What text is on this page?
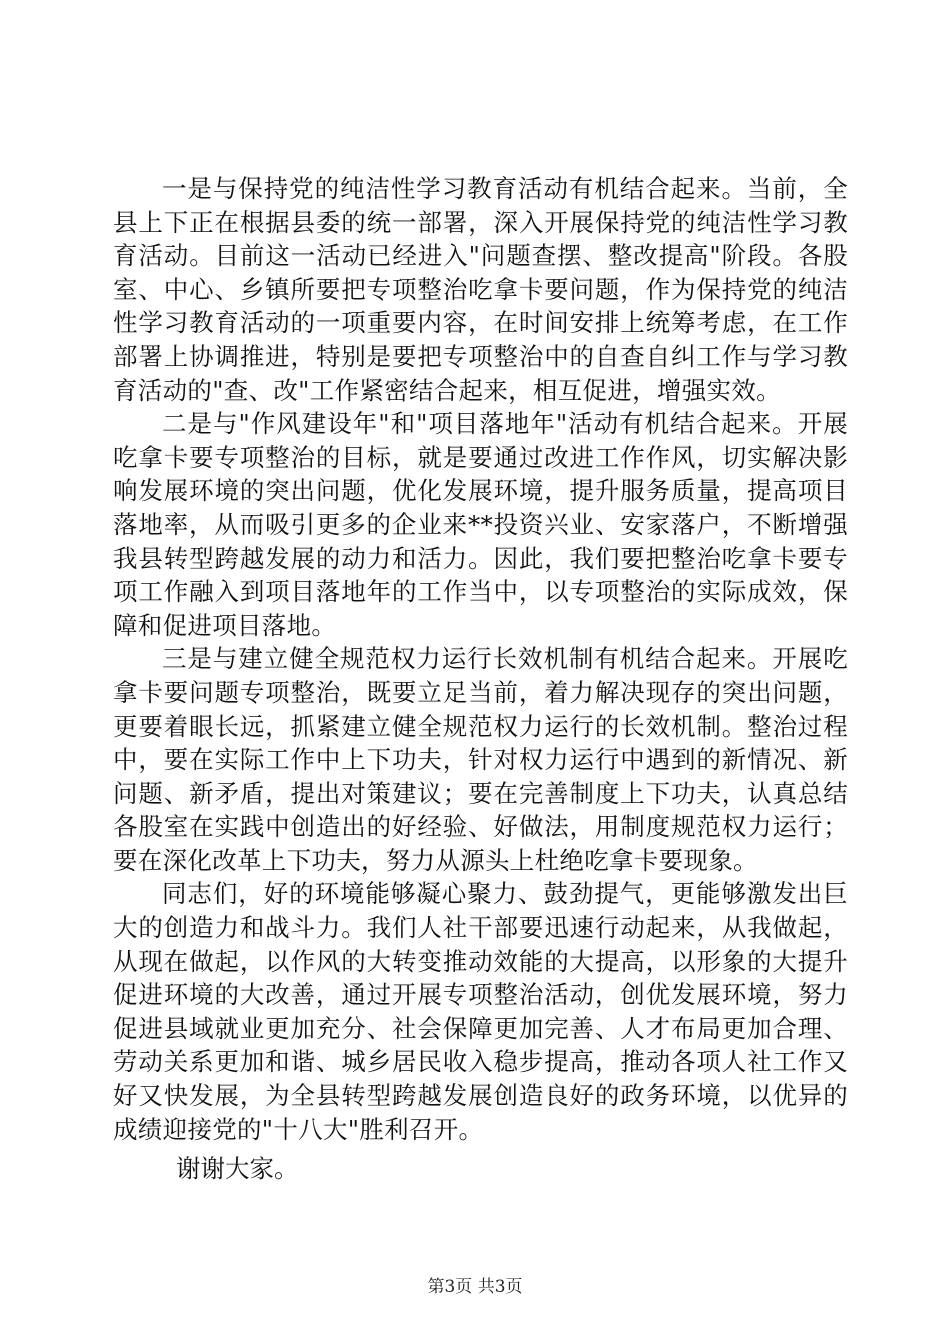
一是与保持党的纯洁性学习教育活动有机结合起来。当前，全县上下正在根据县委的统一部署，深入开展保持党的纯洁性学习教育活动。目前这一活动已经进入"问题查摆、整改提高"阶段。各股室、中心、乡镇所要把专项整治吃拿卡要问题，作为保持党的纯洁性学习教育活动的一项重要内容，在时间安排上统筹考虑，在工作部署上协调推进，特别是要把专项整治中的自查自纠工作与学习教育活动的"查、改"工作紧密结合起来，相互促进，增强实效。

二是与"作风建设年"和"项目落地年"活动有机结合起来。开展吃拿卡要专项整治的目标，就是要通过改进工作作风，切实解决影响发展环境的突出问题，优化发展环境，提升服务质量，提高项目落地率，从而吸引更多的企业来**投资兴业、安家落户，不断增强我县转型跨越发展的动力和活力。因此，我们要把整治吃拿卡要专项工作融入到项目落地年的工作当中，以专项整治的实际成效，保障和促进项目落地。

三是与建立健全规范权力运行长效机制有机结合起来。开展吃拿卡要问题专项整治，既要立足当前，着力解决现存的突出问题，更要着眼长远，抓紧建立健全规范权力运行的长效机制。整治过程中，要在实际工作中上下功夫，针对权力运行中遇到的新情况、新问题、新矛盾，提出对策建议；要在完善制度上下功夫，认真总结各股室在实践中创造出的好经验、好做法，用制度规范权力运行；要在深化改革上下功夫，努力从源头上杜绝吃拿卡要现象。

同志们，好的环境能够凝心聚力、鼓劲提气，更能够激发出巨大的创造力和战斗力。我们人社干部要迅速行动起来，从我做起，从现在做起，以作风的大转变推动效能的大提高，以形象的大提升促进环境的大改善，通过开展专项整治活动，创优发展环境，努力促进县域就业更加充分、社会保障更加完善、人才布局更加合理、劳动关系更加和谐、城乡居民收入稳步提高，推动各项人社工作又好又快发展，为全县转型跨越发展创造良好的政务环境，以优异的成绩迎接党的"十八大"胜利召开。

谢谢大家。

第3页 共3页
